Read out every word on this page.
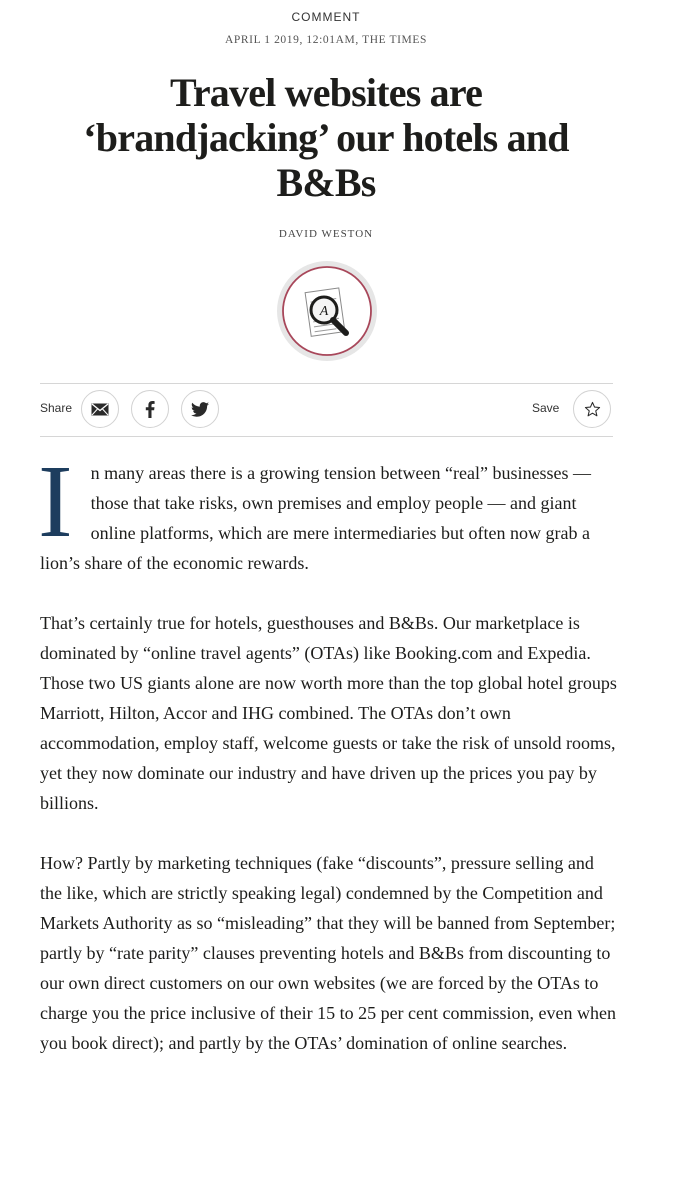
COMMENT
APRIL 1 2019, 12:01AM, THE TIMES
Travel websites are ‘brandjacking’ our hotels and B&Bs
DAVID WESTON
A
Share	Save

I n many areas there is a growing tension between “real” businesses — those that take risks, own premises and employ people — and giant online platforms, which are mere intermediaries but often now grab a lion’s share of the economic rewards.

That’s certainly true for hotels, guesthouses and B&Bs. Our marketplace is dominated by “online travel agents” (OTAs) like Booking.com and Expedia. Those two US giants alone are now worth more than the top global hotel groups Marriott, Hilton, Accor and IHG combined. The OTAs don’t own accommodation, employ staff, welcome guests or take the risk of unsold rooms, yet they now dominate our industry and have driven up the prices you pay by billions.

How? Partly by marketing techniques (fake “discounts”, pressure selling and the like, which are strictly speaking legal) condemned by the Competition and Markets Authority as so “misleading” that they will be banned from September; partly by “rate parity” clauses preventing hotels and B&Bs from discounting to our own direct customers on our own websites (we are forced by the OTAs to charge you the price inclusive of their 15 to 25 per cent commission, even when you book direct); and partly by the OTAs’ domination of online searches.
